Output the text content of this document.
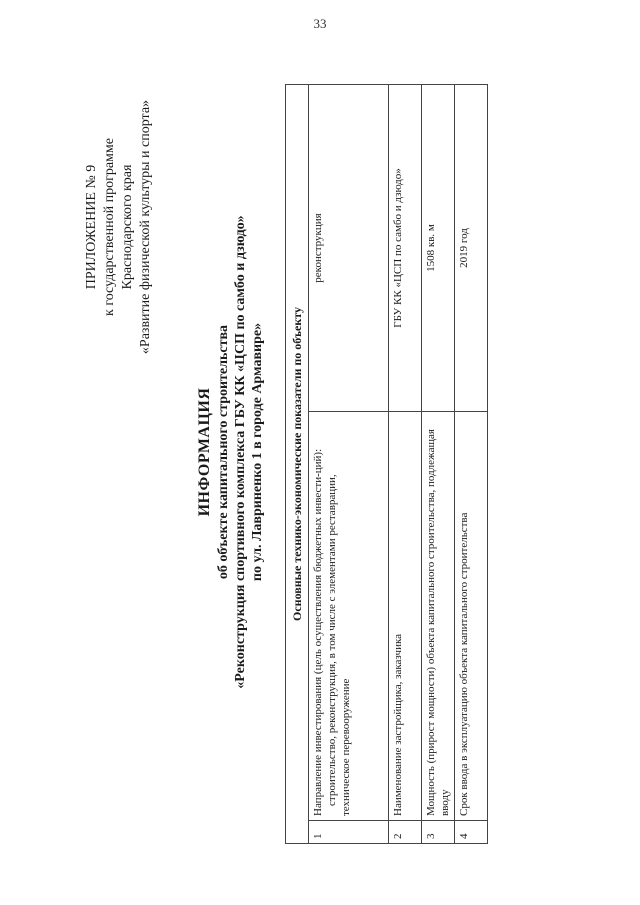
33
ПРИЛОЖЕНИЕ № 9 к государственной программе Краснодарского края «Развитие физической культуры и спорта»
ИНФОРМАЦИЯ об объекте капитального строительства «Реконструкция спортивного комплекса ГБУ КК «ЦСП по самбо и дзюдо» по ул. Лавриненко 1 в городе Армавире» Основные технико-экономические показатели по объекту		
1	Направление инвестирования (цель осуществления бюджетных инвести-ций): строительство, реконструкция, в том числе с элементами реставрации, техническое перевооружение	реконструкция
2	Наименование застройщика, заказчика	ГБУ КК «ЦСП по самбо и дзюдо»
3	Мощность (прирост мощности) объекта капитального строительства, подлежащая вводу	1508 кв. м
4	Срок ввода в эксплуатацию объекта капитального строительства	2019 год
